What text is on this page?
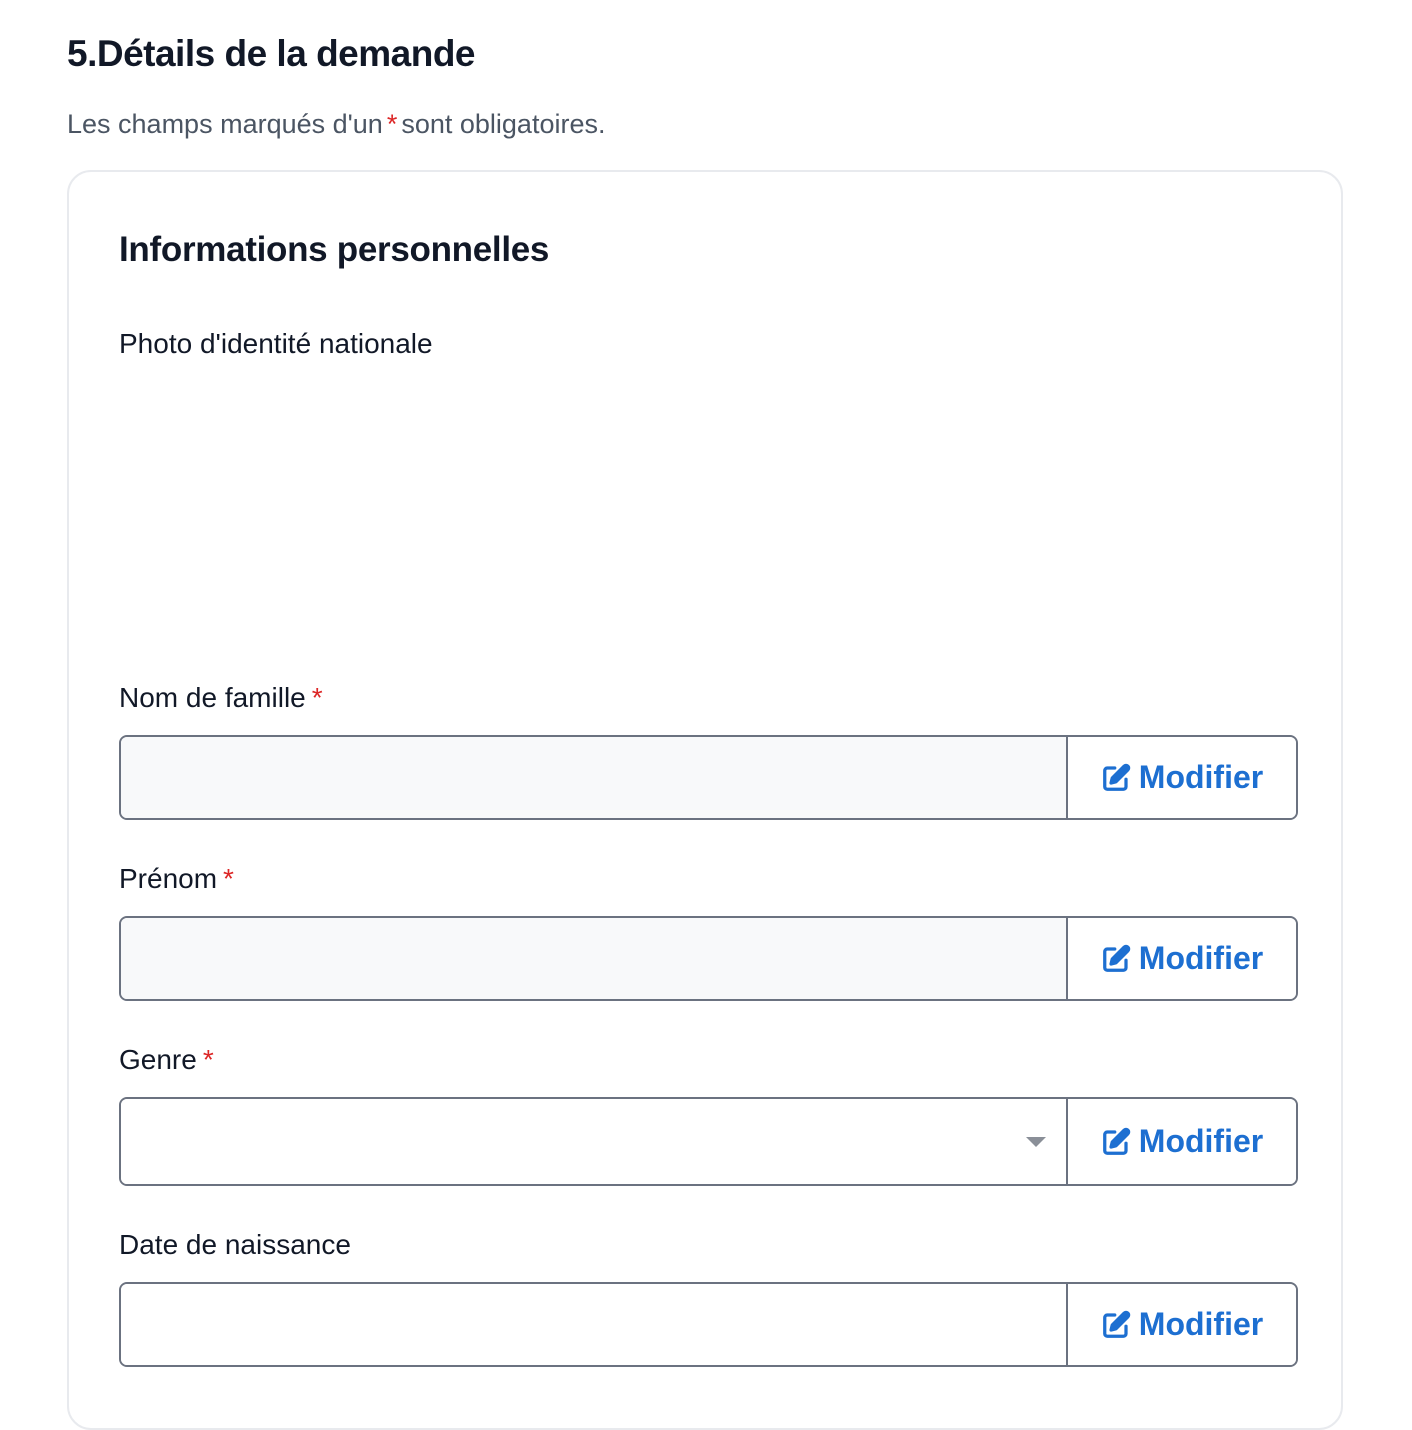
5.Détails de la demande
Les champs marqués d'un * sont obligatoires.
Informations personnelles
Photo d'identité nationale
Nom de famille *
Modifier
Prénom *
Modifier
Genre *
Modifier
Date de naissance
Modifier
